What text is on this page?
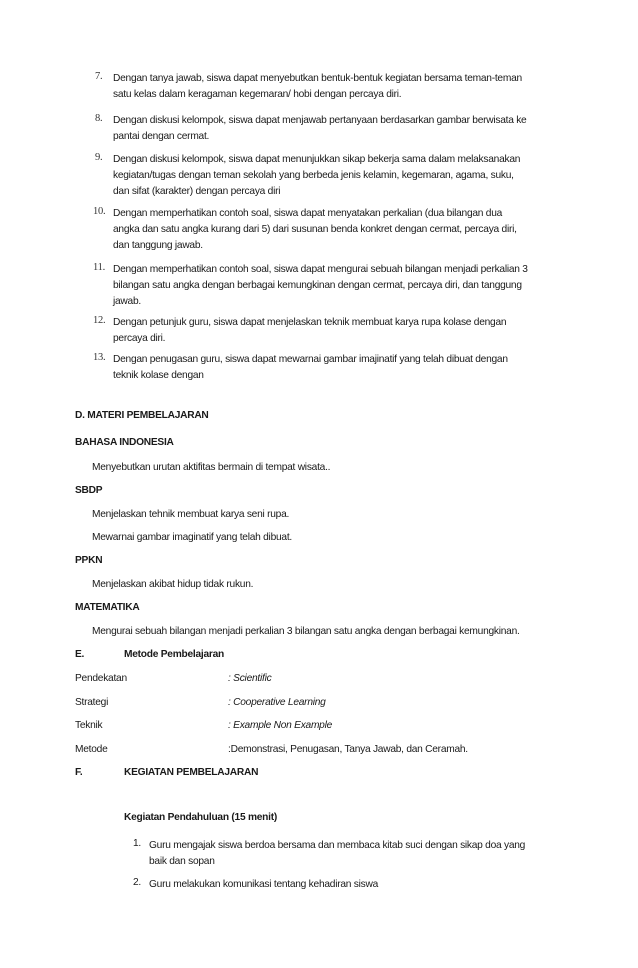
7.	Dengan tanya jawab, siswa dapat menyebutkan bentuk-bentuk kegiatan bersama teman-teman
satu kelas dalam keragaman kegemaran/ hobi dengan percaya diri.
8.	Dengan diskusi kelompok, siswa dapat menjawab pertanyaan berdasarkan gambar berwisata ke
pantai dengan cermat.
9.	Dengan diskusi kelompok, siswa dapat menunjukkan sikap bekerja sama dalam melaksanakan
kegiatan/tugas dengan teman sekolah yang berbeda jenis kelamin, kegemaran, agama, suku,
dan sifat (karakter) dengan percaya diri
10. Dengan memperhatikan contoh soal, siswa dapat menyatakan perkalian (dua bilangan dua
angka dan satu angka kurang dari 5) dari susunan benda konkret dengan cermat, percaya diri,
dan tanggung jawab.
11. Dengan memperhatikan contoh soal, siswa dapat mengurai sebuah bilangan menjadi perkalian 3
bilangan satu angka dengan berbagai kemungkinan dengan cermat, percaya diri, dan tanggung
jawab.
12. Dengan petunjuk guru, siswa dapat menjelaskan teknik membuat karya rupa kolase dengan
percaya diri.
13. Dengan penugasan guru, siswa dapat mewarnai gambar imajinatif yang telah dibuat dengan
teknik kolase dengan
D. MATERI PEMBELAJARAN
BAHASA INDONESIA
Menyebutkan urutan aktifitas bermain di tempat wisata..
SBDP
Menjelaskan tehnik membuat karya seni rupa.
Mewarnai gambar imaginatif yang telah dibuat.
PPKN
Menjelaskan akibat hidup tidak rukun.
MATEMATIKA
Mengurai sebuah bilangan menjadi perkalian 3 bilangan satu angka dengan berbagai kemungkinan.
E.	Metode Pembelajaran
Pendekatan	: Scientific
Strategi	: Cooperative Learning
Teknik	: Example Non Example
Metode	:Demonstrasi, Penugasan, Tanya Jawab, dan Ceramah.
F.	KEGIATAN PEMBELAJARAN
Kegiatan Pendahuluan (15 menit)
1. Guru mengajak siswa berdoa bersama dan membaca kitab suci dengan sikap doa yang
baik dan sopan
2. Guru melakukan komunikasi tentang kehadiran siswa
